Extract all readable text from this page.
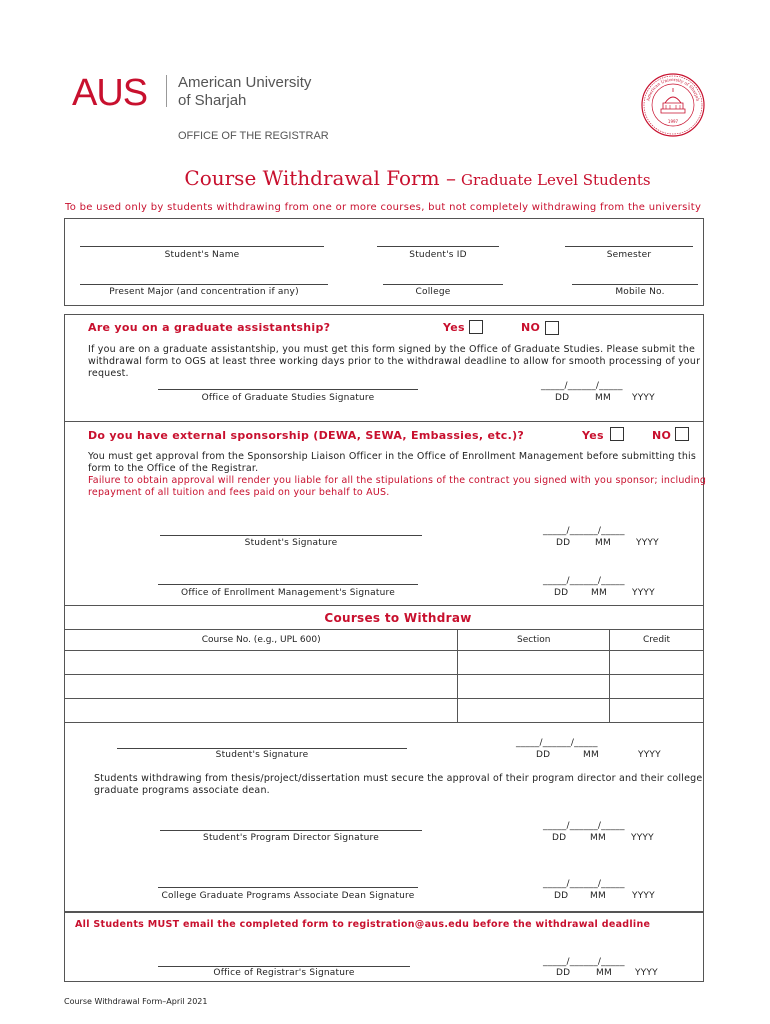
AUS American University
of Sharjah
OFFICE OF THE REGISTRAR
1997
American University of Sharjah
Course Withdrawal Form – Graduate Level Students
To be used only by students withdrawing from one or more courses, but not completely withdrawing from the university
Student's Name	Student's ID	Semester
Present Major (and concentration if any)	College	Mobile No.
Are you on a graduate assistantship?	Yes	NO
If you are on a graduate assistantship, you must get this form signed by the Office of Graduate Studies. Please submit the withdrawal form to OGS at least three working days prior to the withdrawal deadline to allow for smooth processing of your request.
Office of Graduate Studies Signature
_____/______/_____
DD	MM YYYY
Do you have external sponsorship (DEWA, SEWA, Embassies, etc.)?	Yes	NO
You must get approval from the Sponsorship Liaison Officer in the Office of Enrollment Management before submitting this form to the Office of the Registrar.
Failure to obtain approval will render you liable for all the stipulations of the contract you signed with you sponsor; including repayment of all tuition and fees paid on your behalf to AUS.
Student's Signature
_____/______/_____
DD	MM	YYYY
Office of Enrollment Management's Signature
_____/______/_____
DD	MM	YYYY
Courses to Withdraw
Course No. (e.g., UPL 600)	Section	Credit

Student's Signature
_____/______/_____
DD	MM	YYYY
Students withdrawing from thesis/project/dissertation must secure the approval of their program director and their college graduate programs associate dean.
Student's Program Director Signature
_____/______/_____
DD	MM	YYYY
College Graduate Programs Associate Dean Signature
_____/______/_____
DD MM	YYYY
All Students MUST email the completed form to registration@aus.edu before the withdrawal deadline
Office of Registrar's Signature
_____/______/_____
DD	MM	YYYY
Course Withdrawal Form–April 2021
